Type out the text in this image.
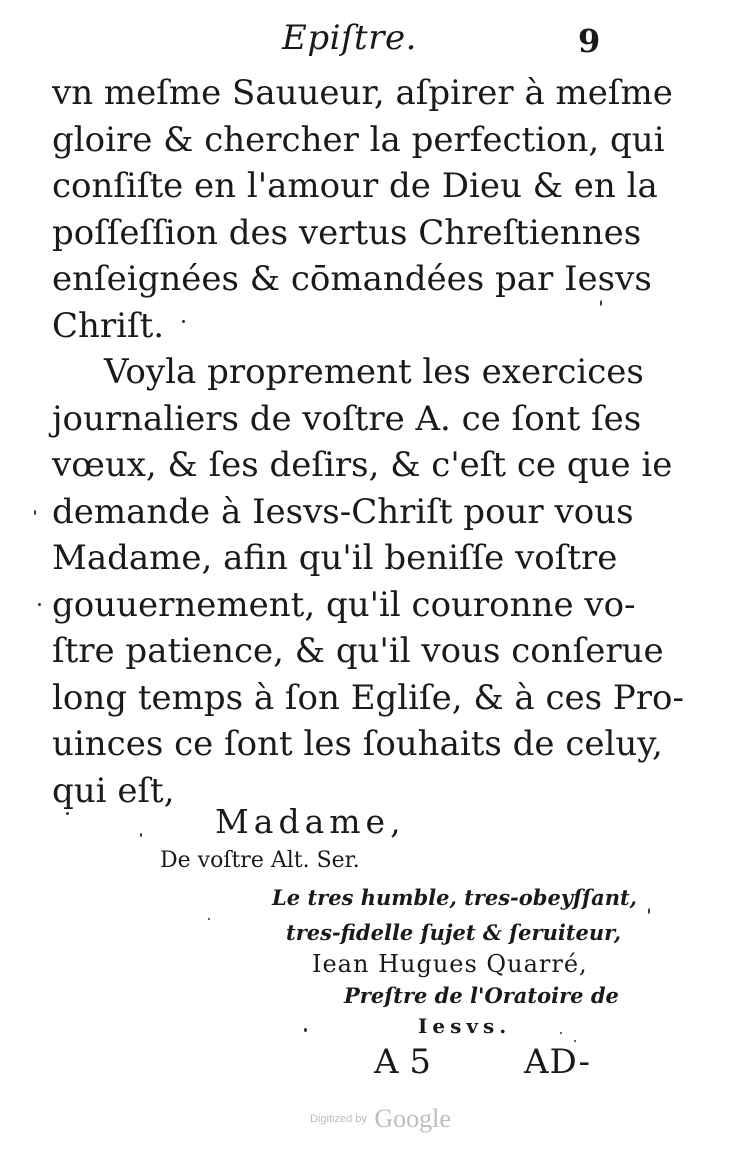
Epiſtre.	9
vn meſme Sauueur, aſpirer à meſme
gloire & chercher la perfection, qui
conſiſte en l'amour de Dieu & en la
poſſeſſion des vertus Chreſtiennes
enſeignées & cōmandées par Iesvs
Chriſt.
Voyla proprement les exercices
journaliers de voſtre A. ce ſont ſes
vœux, & ſes deſirs, & c'eſt ce que ie
demande à Iesvs-Chriſt pour vous
Madame, afin qu'il beniſſe voſtre
gouuernement, qu'il couronne vo-
ſtre patience, & qu'il vous conſerue
long temps à ſon Egliſe, & à ces Pro-
uinces ce ſont les ſouhaits de celuy,
qui eſt,
Madame,
De voſtre Alt. Ser.
Le tres humble, tres-obeyſſant,
tres-fidelle ſujet & ſeruiteur,
Iean Hugues Quarré,
Preſtre de l'Oratoire de
Iesvs.
A 5	AD-
Digitized by Google
